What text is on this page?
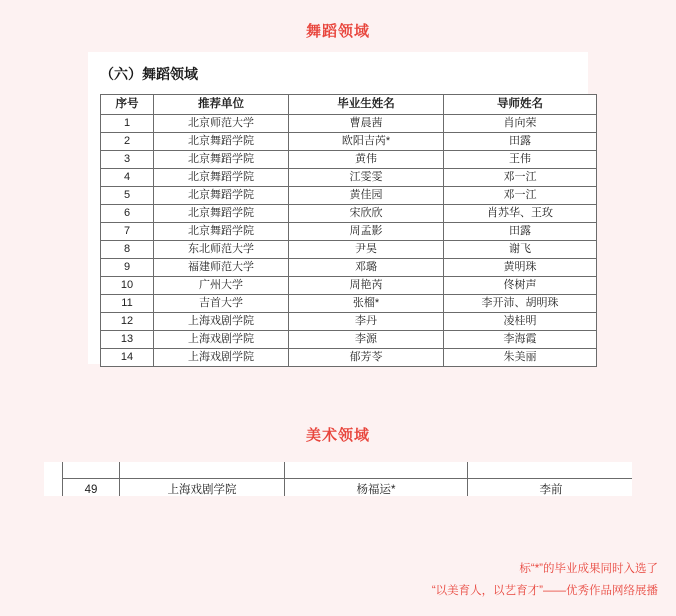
舞蹈领域
（六）舞蹈领域
序号	推荐单位	毕业生姓名	导师姓名
1	北京师范大学	曹晨茜	肖向荣
2	北京舞蹈学院	欧阳吉芮*	田露
3	北京舞蹈学院	黄伟	王伟
4	北京舞蹈学院	江雯雯	邓一江
5	北京舞蹈学院	黄佳园	邓一江
6	北京舞蹈学院	宋欣欣	肖苏华、王玫
7	北京舞蹈学院	周孟影	田露
8	东北师范大学	尹昊	谢飞
9	福建师范大学	邓璐	黄明珠
10	广州大学	周艳芮	佟树声
11	吉首大学	张榴*	李开沛、胡明珠
12	上海戏剧学院	李丹	凌桂明
13	上海戏剧学院	李源	李海霞
14	上海戏剧学院	郁芳苓	朱美丽
美术领域

49	上海戏剧学院	杨福运*	李前
标“*”的毕业成果同时入选了
“以美育人，以艺育才”——优秀作品网络展播
